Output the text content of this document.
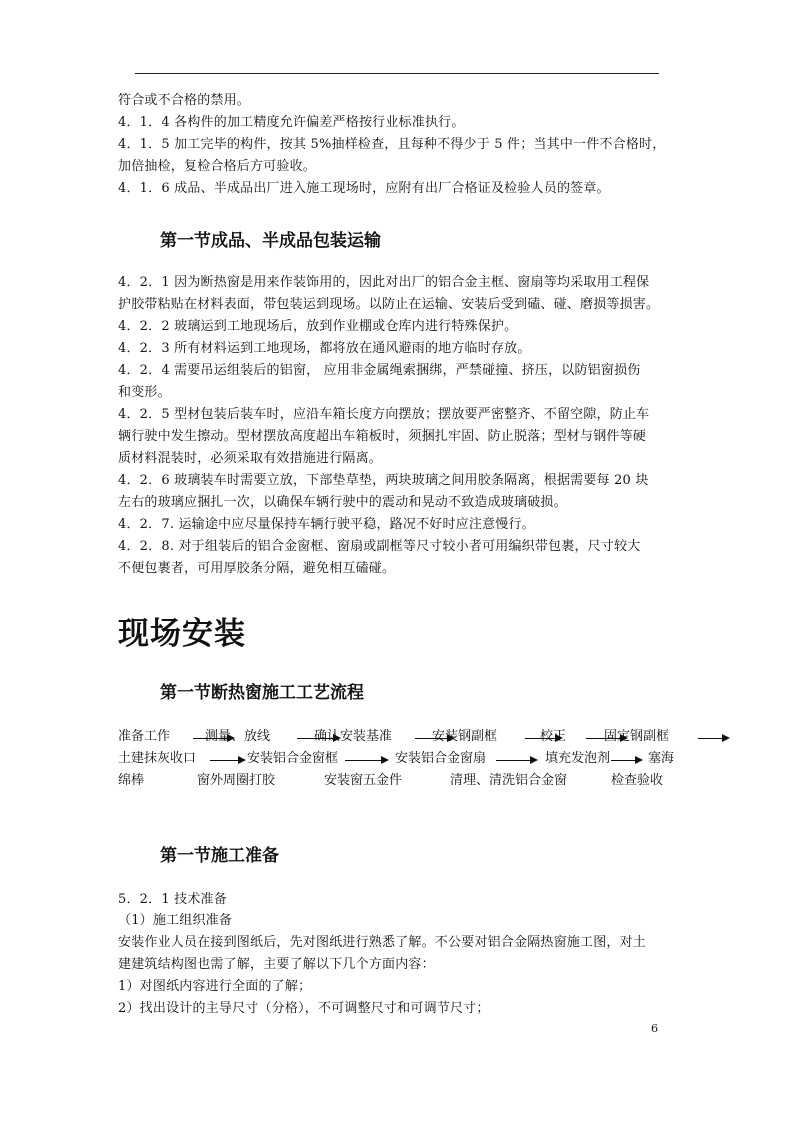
符合或不合格的禁用。
4．1．4 各构件的加工精度允许偏差严格按行业标准执行。
4．1．5 加工完毕的构件，按其 5%抽样检查，且每种不得少于 5 件；当其中一件不合格时，
加倍抽检，复检合格后方可验收。
4．1．6 成品、半成品出厂进入施工现场时，应附有出厂合格证及检验人员的签章。
第一节成品、半成品包装运输
4．2．1 因为断热窗是用来作装饰用的，因此对出厂的铝合金主框、窗扇等均采取用工程保
护胶带粘贴在材料表面，带包装运到现场。以防止在运输、安装后受到磕、碰、磨损等损害。
4．2．2 玻璃运到工地现场后，放到作业棚或仓库内进行特殊保护。
4．2．3 所有材料运到工地现场，都将放在通风避雨的地方临时存放。
4．2．4 需要吊运组装后的铝窗， 应用非金属绳索捆绑，严禁碰撞、挤压，以防铝窗损伤
和变形。
4．2．5 型材包装后装车时，应沿车箱长度方向摆放；摆放要严密整齐、不留空隙，防止车
辆行驶中发生擦动。型材摆放高度超出车箱板时，须捆扎牢固、防止脱落；型材与钢件等硬
质材料混装时，必须采取有效措施进行隔离。
4．2．6 玻璃装车时需要立放，下部垫草垫，两块玻璃之间用胶条隔离，根据需要每 20 块
左右的玻璃应捆扎一次，以确保车辆行驶中的震动和晃动不致造成玻璃破损。
4．2．7. 运输途中应尽量保持车辆行驶平稳，路况不好时应注意慢行。
4．2．8. 对于组装后的铝合金窗框、窗扇或副框等尺寸较小者可用编织带包裹，尺寸较大
不便包裹者，可用厚胶条分隔，避免相互磕碰。
现场安装
第一节断热窗施工工艺流程
准备工作	测量、放线	确认安装基准	安装钢副框	校正	固定钢副框
土建抹灰收口	安装铝合金窗框	安装铝合金窗扇	填充发泡剂	塞海
绵棒	窗外周圈打胶	安装窗五金件	清理、清洗铝合金窗	检查验收
第一节施工准备
5．2．1 技术准备
（1）施工组织准备
安装作业人员在接到图纸后，先对图纸进行熟悉了解。不公要对铝合金隔热窗施工图，对土
建建筑结构图也需了解，主要了解以下几个方面内容：
1）对图纸内容进行全面的了解；
2）找出设计的主导尺寸（分格），不可调整尺寸和可调节尺寸；
6
